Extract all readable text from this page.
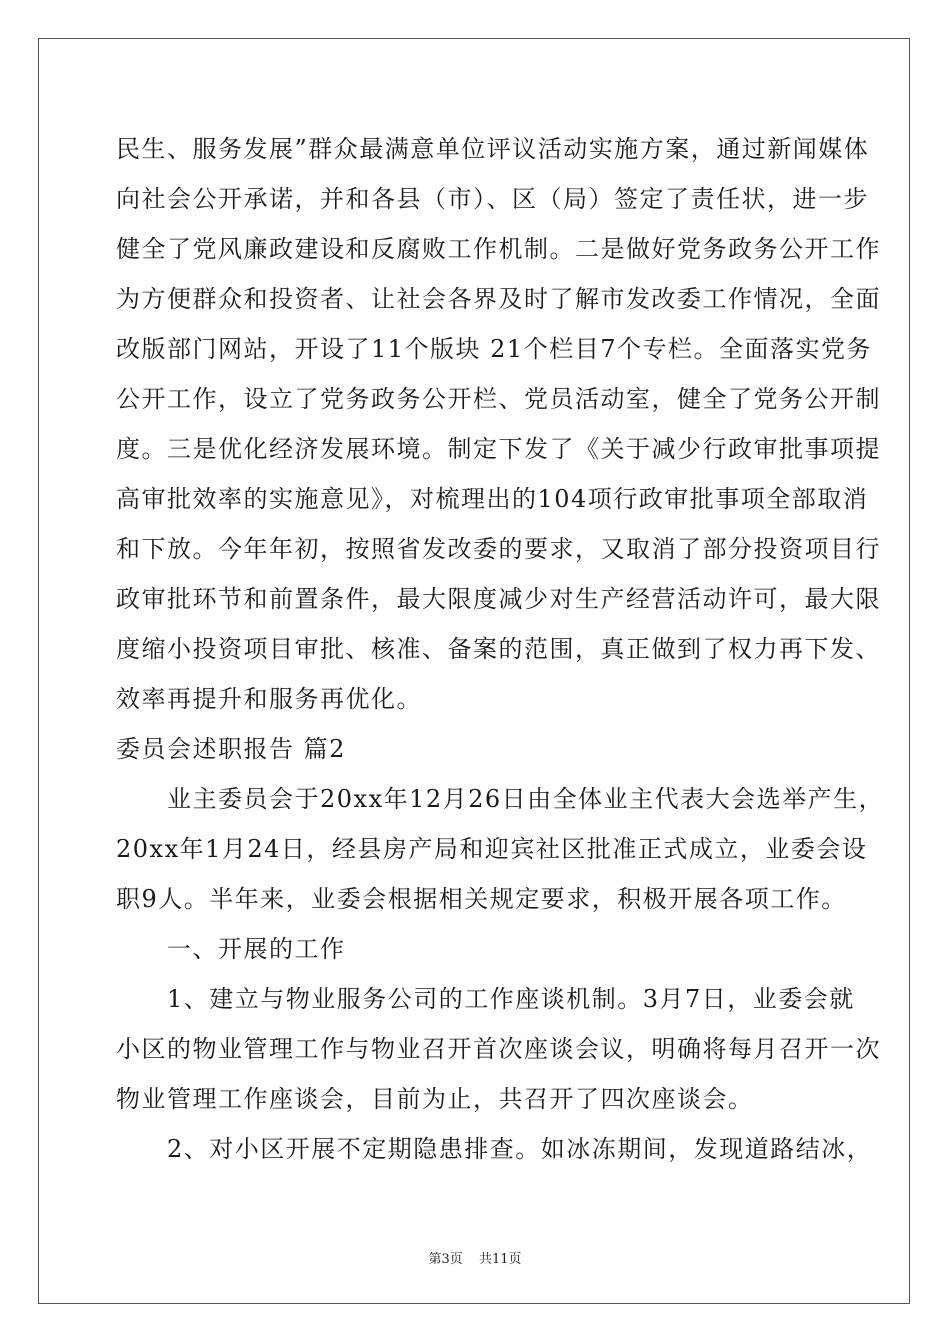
民生、服务发展”群众最满意单位评议活动实施方案，通过新闻媒体
向社会公开承诺，并和各县（市）、区（局）签定了责任状，进一步
健全了党风廉政建设和反腐败工作机制。二是做好党务政务公开工作
为方便群众和投资者、让社会各界及时了解市发改委工作情况，全面
改版部门网站，开设了11个版块 21个栏目7个专栏。全面落实党务
公开工作，设立了党务政务公开栏、党员活动室，健全了党务公开制
度。三是优化经济发展环境。制定下发了《关于减少行政审批事项提
高审批效率的实施意见》，对梳理出的104项行政审批事项全部取消
和下放。今年年初，按照省发改委的要求，又取消了部分投资项目行
政审批环节和前置条件，最大限度减少对生产经营活动许可，最大限
度缩小投资项目审批、核准、备案的范围，真正做到了权力再下发、
效率再提升和服务再优化。
委员会述职报告 篇2
　　业主委员会于20xx年12月26日由全体业主代表大会选举产生，
20xx年1月24日，经县房产局和迎宾社区批准正式成立，业委会设
职9人。半年来，业委会根据相关规定要求，积极开展各项工作。
　　一、开展的工作
　　1、建立与物业服务公司的工作座谈机制。3月7日，业委会就
小区的物业管理工作与物业召开首次座谈会议，明确将每月召开一次
物业管理工作座谈会，目前为止，共召开了四次座谈会。
　　2、对小区开展不定期隐患排查。如冰冻期间，发现道路结冰，
第3页 共11页
